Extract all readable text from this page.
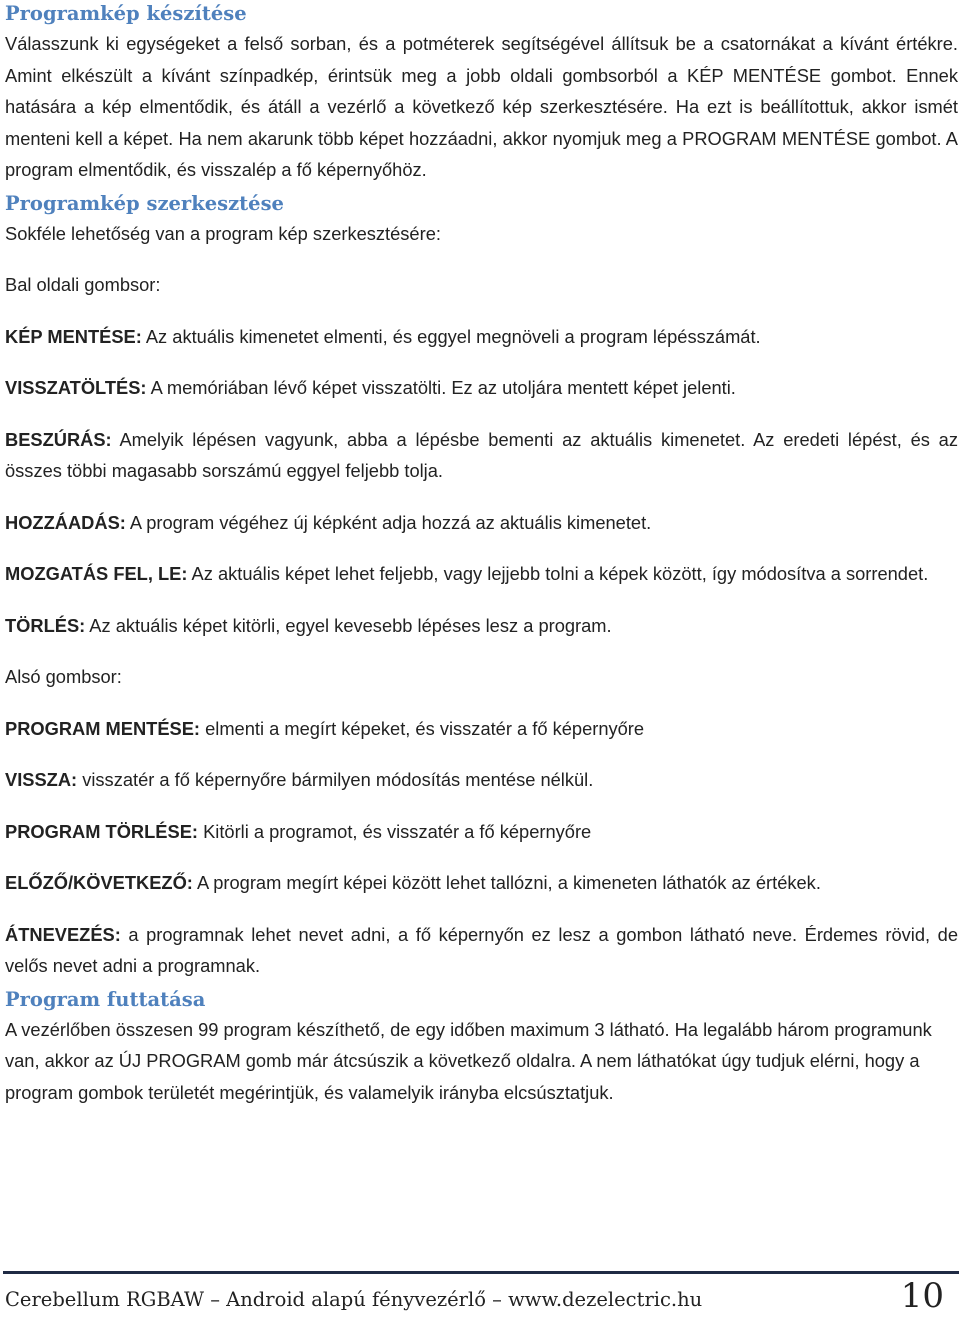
Programkép készítése

Válasszunk ki egységeket a felső sorban, és a potméterek segítségével állítsuk be a csatornákat a kívánt értékre. Amint elkészült a kívánt színpadkép, érintsük meg a jobb oldali gombsorból a KÉP MENTÉSE gombot. Ennek hatására a kép elmentődik, és átáll a vezérlő a következő kép szerkesztésére. Ha ezt is beállítottuk, akkor ismét menteni kell a képet. Ha nem akarunk több képet hozzáadni, akkor nyomjuk meg a PROGRAM MENTÉSE gombot. A program elmentődik, és visszalép a fő képernyőhöz.

Programkép szerkesztése

Sokféle lehetőség van a program kép szerkesztésére:

Bal oldali gombsor:

KÉP MENTÉSE: Az aktuális kimenetet elmenti, és eggyel megnöveli a program lépésszámát.

VISSZATÖLTÉS: A memóriában lévő képet visszatölti. Ez az utoljára mentett képet jelenti.

BESZÚRÁS: Amelyik lépésen vagyunk, abba a lépésbe bementi az aktuális kimenetet. Az eredeti lépést, és az összes többi magasabb sorszámú eggyel feljebb tolja.

HOZZÁADÁS: A program végéhez új képként adja hozzá az aktuális kimenetet.

MOZGATÁS FEL, LE: Az aktuális képet lehet feljebb, vagy lejjebb tolni a képek között, így módosítva a sorrendet.

TÖRLÉS: Az aktuális képet kitörli, egyel kevesebb lépéses lesz a program.

Alsó gombsor:

PROGRAM MENTÉSE: elmenti a megírt képeket, és visszatér a fő képernyőre

VISSZA: visszatér a fő képernyőre bármilyen módosítás mentése nélkül.

PROGRAM TÖRLÉSE: Kitörli a programot, és visszatér a fő képernyőre

ELŐZŐ/KÖVETKEZŐ: A program megírt képei között lehet tallózni, a kimeneten láthatók az értékek.

ÁTNEVEZÉS: a programnak lehet nevet adni, a fő képernyőn ez lesz a gombon látható neve. Érdemes rövid, de velős nevet adni a programnak.

Program futtatása

A vezérlőben összesen 99 program készíthető, de egy időben maximum 3 látható. Ha legalább három programunk van, akkor az ÚJ PROGRAM gomb már átcsúszik a következő oldalra. A nem láthatókat úgy tudjuk elérni, hogy a program gombok területét megérintjük, és valamelyik irányba elcsúsztatjuk.

Cerebellum RGBAW – Android alapú fényvezérlő – www.dezelectric.hu	10
